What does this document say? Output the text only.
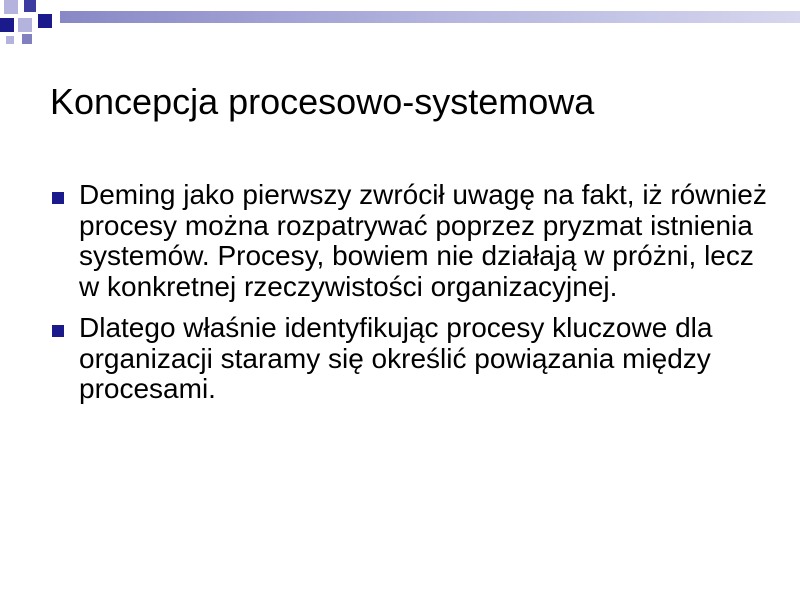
Koncepcja procesowo-systemowa
Deming jako pierwszy zwrócił uwagę na fakt, iż również procesy można rozpatrywać poprzez pryzmat istnienia systemów. Procesy, bowiem nie działają w próżni, lecz w konkretnej rzeczywistości organizacyjnej.
Dlatego właśnie identyfikując procesy kluczowe dla organizacji staramy się określić powiązania między procesami.
